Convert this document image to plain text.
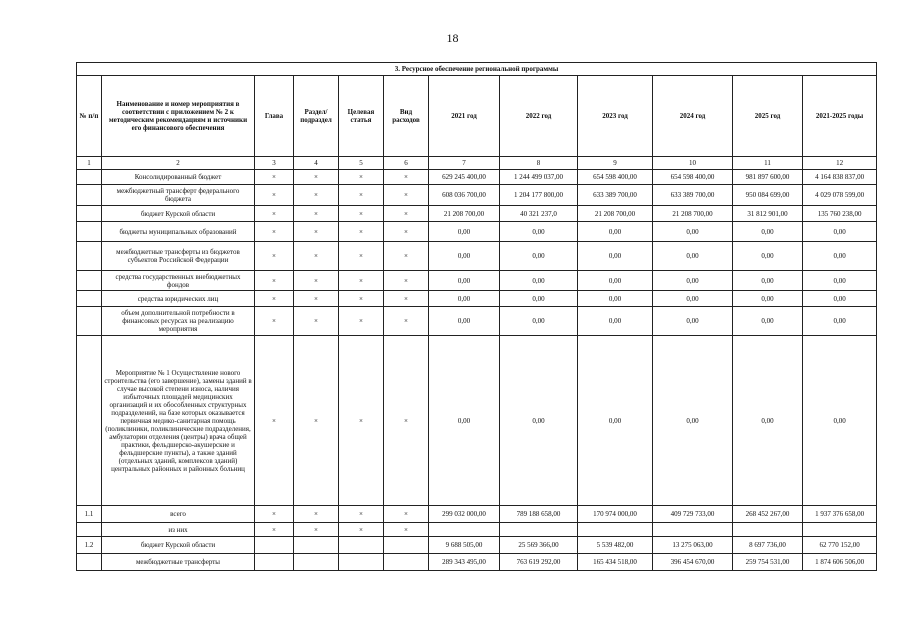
18
3. Ресурсное обеспечение региональной программы											
№ п/п	Наименование и номер мероприятия в соответствии с приложением № 2 к методическим рекомендациям и источники его финансового обеспечения	Глава	Раздел/ подраздел	Целевая статья	Вид расходов	2021 год	2022 год	2023 год	2024 год	2025 год	2021-2025 годы
1	2	3	4	5	6	7	8	9	10	11	12
	Консолидированный бюджет	×	×	×	×	629 245 400,00	1 244 499 037,00	654 598 400,00	654 598 400,00	981 897 600,00	4 164 838 837,00
	межбюджетный трансферт федерального бюджета	×	×	×	×	608 036 700,00	1 204 177 800,00	633 389 700,00	633 389 700,00	950 084 699,00	4 029 078 599,00
	бюджет Курской области	×	×	×	×	21 208 700,00	40 321 237,0	21 208 700,00	21 208 700,00	31 812 901,00	135 760 238,00
	бюджеты муниципальных образований	×	×	×	×	0,00	0,00	0,00	0,00	0,00	0,00
	межбюджетные трансферты из бюджетов субъектов Российской Федерации	×	×	×	×	0,00	0,00	0,00	0,00	0,00	0,00
	средства государственных внебюджетных фондов	×	×	×	×	0,00	0,00	0,00	0,00	0,00	0,00
	средства юридических лиц	×	×	×	×	0,00	0,00	0,00	0,00	0,00	0,00
	объем дополнительной потребности в финансовых ресурсах на реализацию мероприятия	×	×	×	×	0,00	0,00	0,00	0,00	0,00	0,00
	Мероприятие № 1 Осуществление нового строительства (его завершение), замены зданий в случае высокой степени износа, наличия избыточных площадей медицинских организаций и их обособленных структурных подразделений, на базе которых оказывается первичная медико-санитарная помощь (поликлиники, поликлинические подразделения, амбулатории отделения (центры) врача общей практики, фельдшерско-акушерские и фельдшерские пункты), а также зданий (отдельных зданий, комплексов зданий) центральных районных и районных больниц	×	×	×	×	0,00	0,00	0,00	0,00	0,00	0,00
1.1	всего	×	×	×	×	299 032 000,00	789 188 658,00	170 974 000,00	409 729 733,00	268 452 267,00	1 937 376 658,00
	из них	×	×	×	×						
1.2	бюджет Курской области					9 688 505,00	25 569 366,00	5 539 482,00	13 275 063,00	8 697 736,00	62 770 152,00
	межбюджетные трансферты					289 343 495,00	763 619 292,00	165 434 518,00	396 454 670,00	259 754 531,00	1 874 606 506,00
